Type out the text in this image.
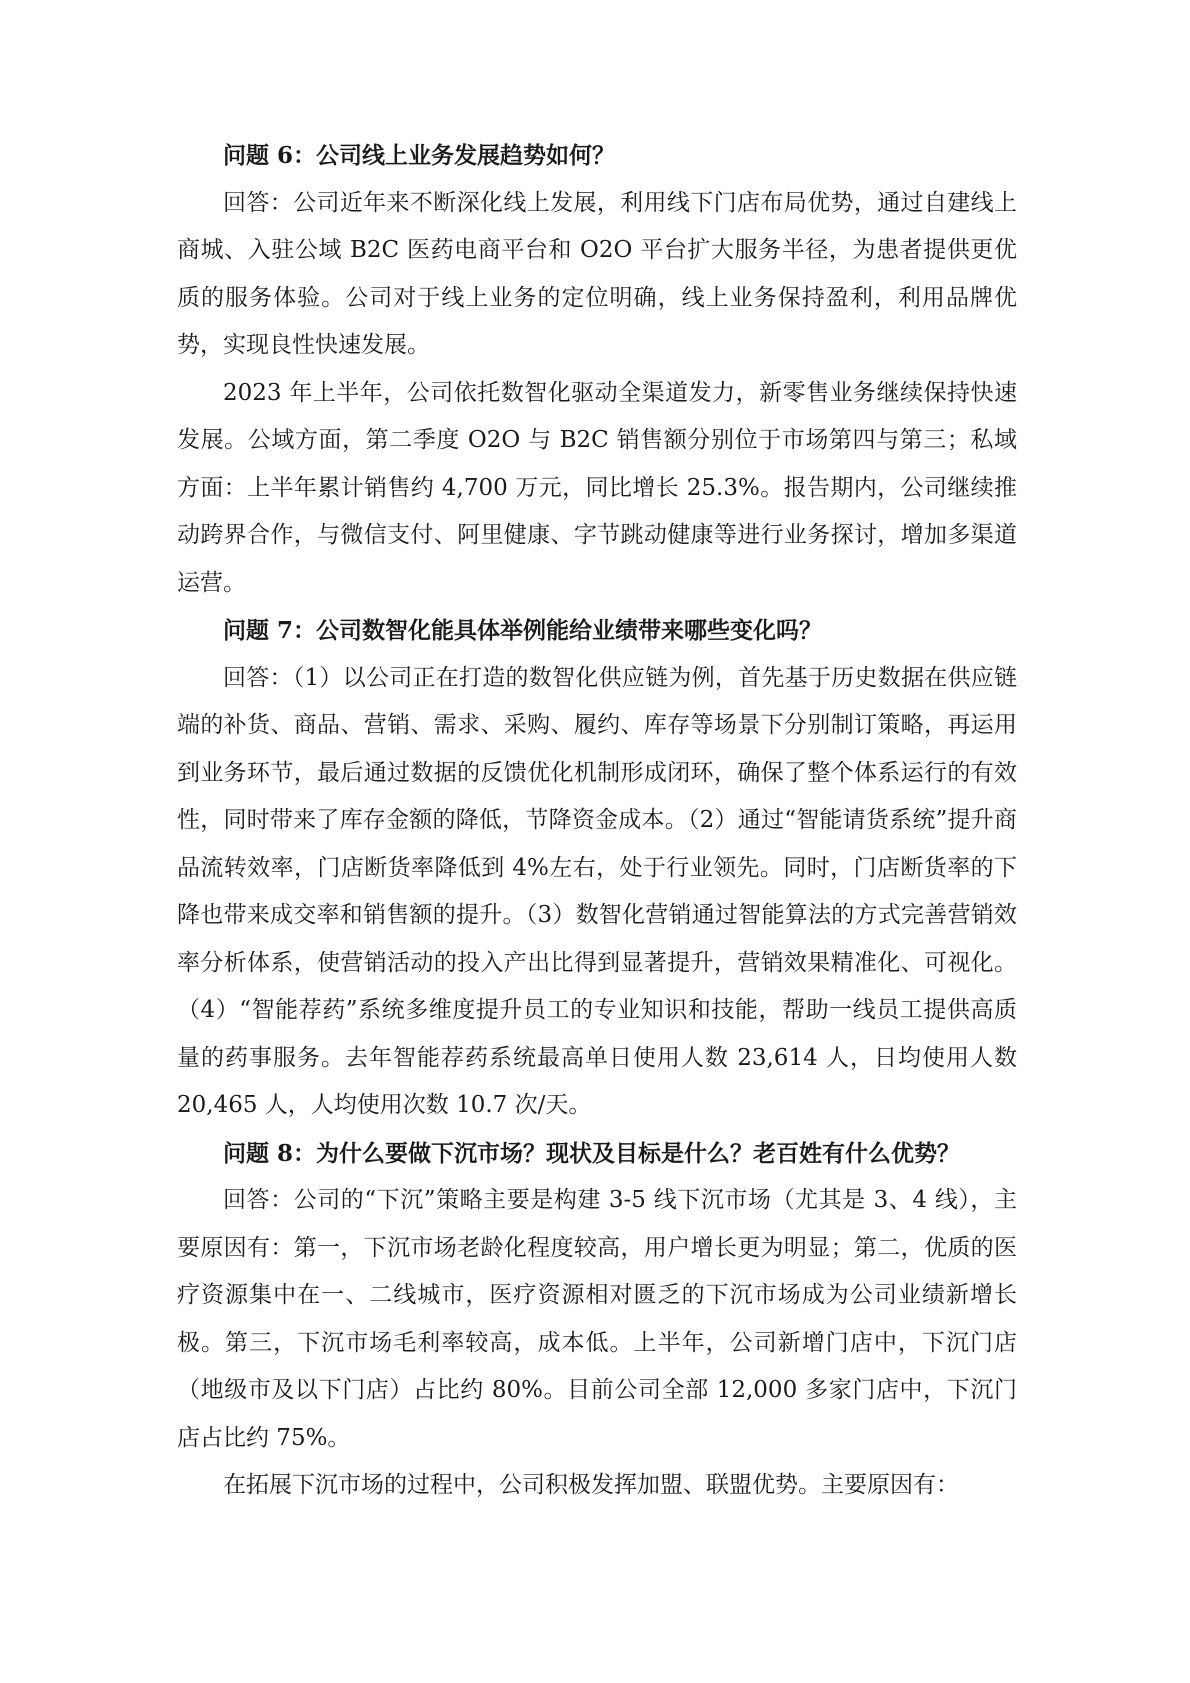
问题 6：公司线上业务发展趋势如何？

回答：公司近年来不断深化线上发展，利用线下门店布局优势，通过自建线上商城、入驻公域 B2C 医药电商平台和 O2O 平台扩大服务半径，为患者提供更优质的服务体验。公司对于线上业务的定位明确，线上业务保持盈利，利用品牌优势，实现良性快速发展。

2023 年上半年，公司依托数智化驱动全渠道发力，新零售业务继续保持快速发展。公域方面，第二季度 O2O 与 B2C 销售额分别位于市场第四与第三；私域方面：上半年累计销售约 4,700 万元，同比增长 25.3%。报告期内，公司继续推动跨界合作，与微信支付、阿里健康、字节跳动健康等进行业务探讨，增加多渠道运营。

问题 7：公司数智化能具体举例能给业绩带来哪些变化吗？

回答：（1）以公司正在打造的数智化供应链为例，首先基于历史数据在供应链端的补货、商品、营销、需求、采购、履约、库存等场景下分别制订策略，再运用到业务环节，最后通过数据的反馈优化机制形成闭环，确保了整个体系运行的有效性，同时带来了库存金额的降低，节降资金成本。（2）通过“智能请货系统”提升商品流转效率，门店断货率降低到 4%左右，处于行业领先。同时，门店断货率的下降也带来成交率和销售额的提升。（3）数智化营销通过智能算法的方式完善营销效率分析体系，使营销活动的投入产出比得到显著提升，营销效果精准化、可视化。（4）“智能荐药”系统多维度提升员工的专业知识和技能，帮助一线员工提供高质量的药事服务。去年智能荐药系统最高单日使用人数 23,614 人，日均使用人数 20,465 人，人均使用次数 10.7 次/天。

问题 8：为什么要做下沉市场？现状及目标是什么？老百姓有什么优势？

回答：公司的“下沉”策略主要是构建 3-5 线下沉市场（尤其是 3、4 线），主要原因有：第一，下沉市场老龄化程度较高，用户增长更为明显；第二，优质的医疗资源集中在一、二线城市，医疗资源相对匮乏的下沉市场成为公司业绩新增长极。第三，下沉市场毛利率较高，成本低。上半年，公司新增门店中，下沉门店（地级市及以下门店）占比约 80%。目前公司全部 12,000 多家门店中，下沉门店占比约 75%。

在拓展下沉市场的过程中，公司积极发挥加盟、联盟优势。主要原因有：
